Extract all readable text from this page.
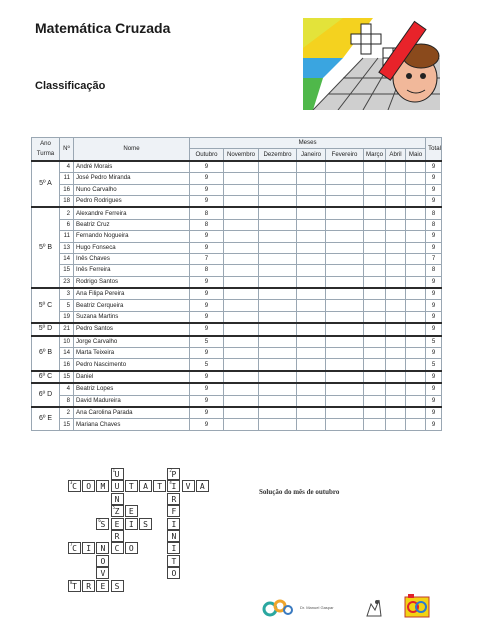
Matemática Cruzada
Classificação
Ano
Turma	Nº	Nome	Meses								Total
			Outubro	Novembro	Dezembro	Janeiro	Fevereiro	Março	Abril	Maio	
5º A	4	André Morais	9								9
	11	José Pedro Miranda	9								9
	16	Nuno Carvalho	9								9
	18	Pedro Rodrigues	9								9
5º B	2	Alexandre Ferreira	8								8
	6	Beatriz Cruz	8								8
	11	Fernando Nogueira	9								9
	13	Hugo Fonseca	9								9
	14	Inês Chaves	7								7
	15	Inês Ferreira	8								8
	23	Rodrigo Santos	9								9
5º C	3	Ana Filipa Pereira	9								9
	5	Beatriz Cerqueira	9								9
	19	Suzana Martins	9								9
5º D	21	Pedro Santos	9								9
6º B	10	Jorge Carvalho	5								5
	14	Marta Teixeira	9								9
	16	Pedro Nascimento	5								5
6º C	15	Daniel	9								9
6º D	4	Beatriz Lopes	9								9
	8	David Madureira	9								9
6º E	2	Ana Carolina Parada	9								9
	15	Mariana Chaves	9								9
1 U	2 P
3 C	O	M	U	T	A	T	4 I	V	A
N	R
5 Z	E	F
6 S	E	I	S	I
R	N
7 C	I	N	C	O	I
O	T
V	O
8 T	R	E	S
Solução do mês de outubro
Dr. Manuel Gaspar
